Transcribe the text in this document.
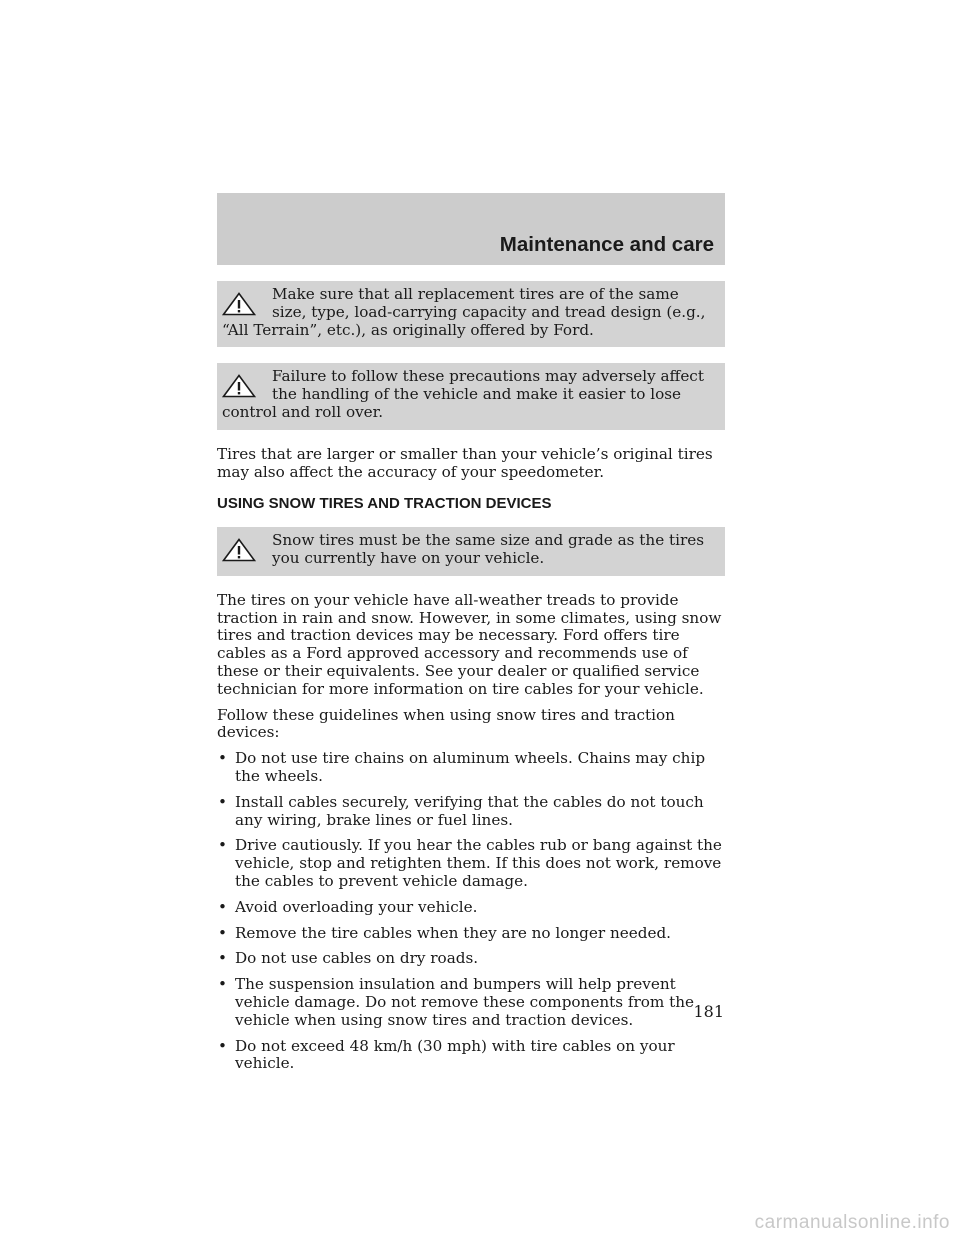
Maintenance and care
Make sure that all replacement tires are of the same size, type, load-carrying capacity and tread design (e.g., “All Terrain”, etc.), as originally offered by Ford.
Failure to follow these precautions may adversely affect the handling of the vehicle and make it easier to lose control and roll over.

Tires that are larger or smaller than your vehicle’s original tires may also affect the accuracy of your speedometer.

USING SNOW TIRES AND TRACTION DEVICES
Snow tires must be the same size and grade as the tires you currently have on your vehicle.

The tires on your vehicle have all-weather treads to provide traction in rain and snow. However, in some climates, using snow tires and traction devices may be necessary. Ford offers tire cables as a Ford approved accessory and recommends use of these or their equivalents. See your dealer or qualified service technician for more information on tire cables for your vehicle.

Follow these guidelines when using snow tires and traction devices:

• Do not use tire chains on aluminum wheels. Chains may chip the wheels.
• Install cables securely, verifying that the cables do not touch any wiring, brake lines or fuel lines.
• Drive cautiously. If you hear the cables rub or bang against the vehicle, stop and retighten them. If this does not work, remove the cables to prevent vehicle damage.
• Avoid overloading your vehicle.
• Remove the tire cables when they are no longer needed.
• Do not use cables on dry roads.
• The suspension insulation and bumpers will help prevent vehicle damage. Do not remove these components from the vehicle when using snow tires and traction devices.
• Do not exceed 48 km/h (30 mph) with tire cables on your vehicle.
181
carmanualsonline.info
